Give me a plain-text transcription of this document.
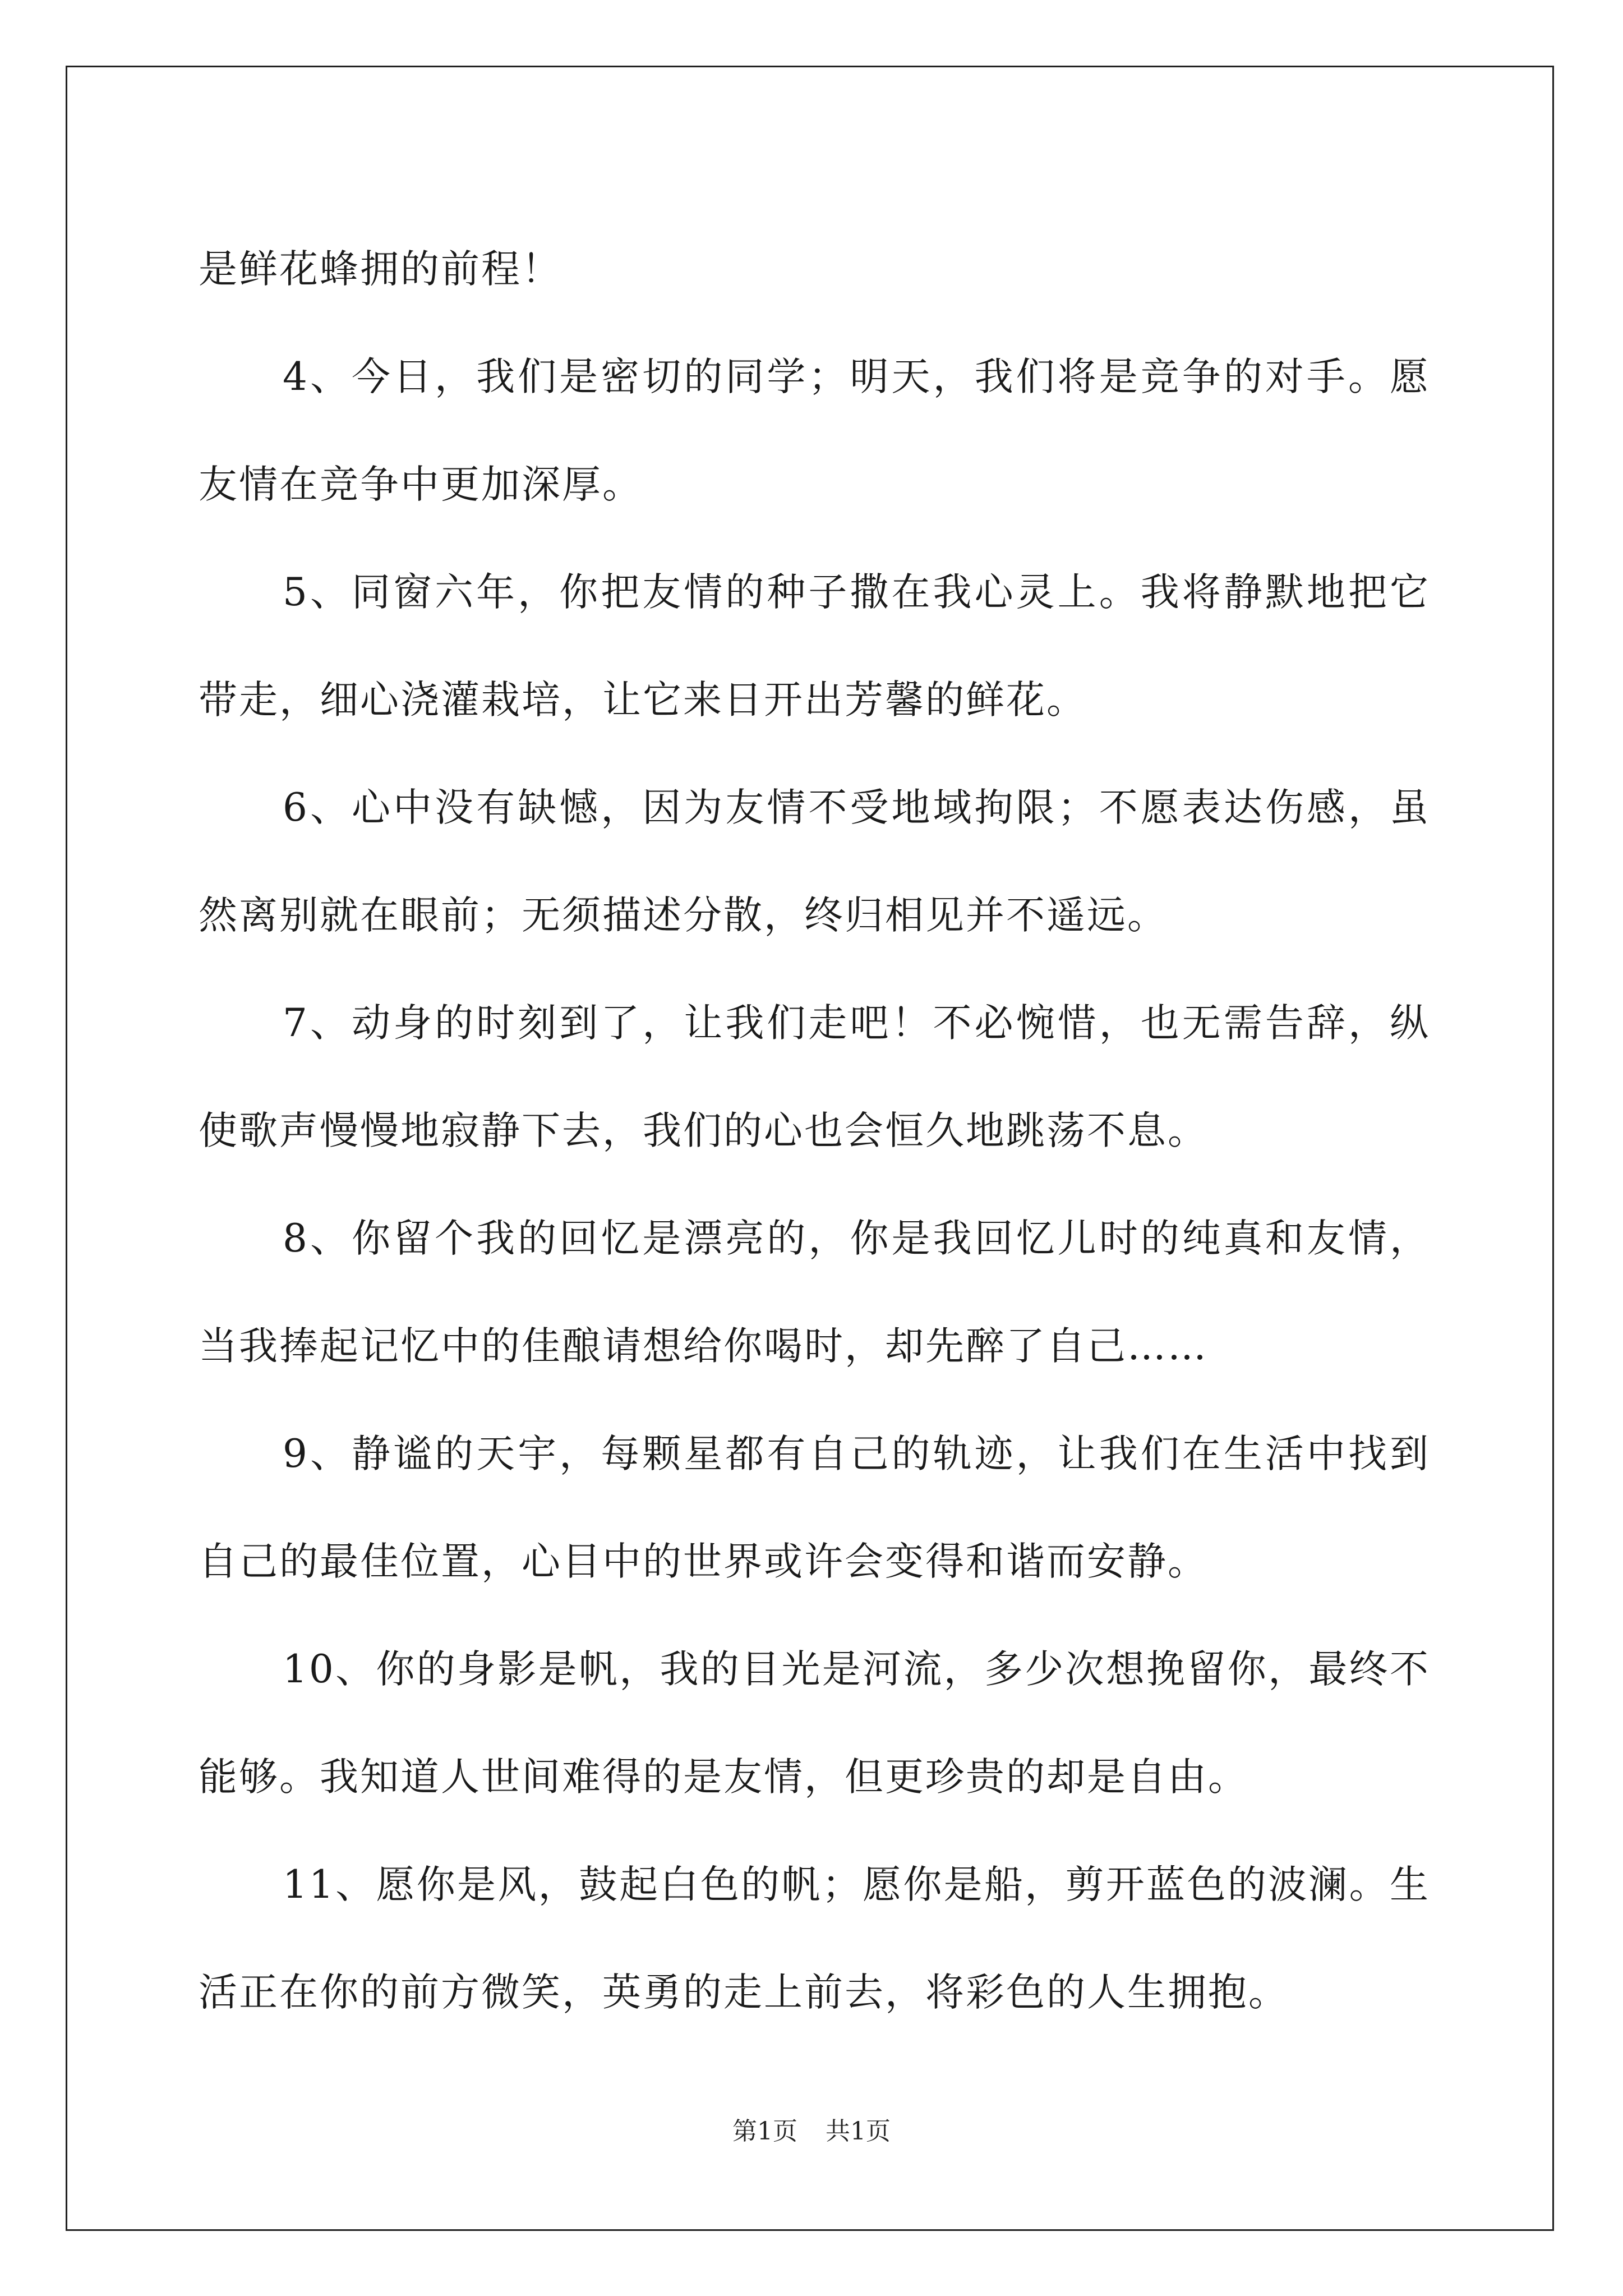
是鲜花蜂拥的前程！

4、今日，我们是密切的同学；明天，我们将是竞争的对手。愿友情在竞争中更加深厚。

5、同窗六年，你把友情的种子撒在我心灵上。我将静默地把它带走，细心浇灌栽培，让它来日开出芳馨的鲜花。

6、心中没有缺憾，因为友情不受地域拘限；不愿表达伤感，虽然离别就在眼前；无须描述分散，终归相见并不遥远。

7、动身的时刻到了，让我们走吧！不必惋惜，也无需告辞，纵使歌声慢慢地寂静下去，我们的心也会恒久地跳荡不息。

8、你留个我的回忆是漂亮的，你是我回忆儿时的纯真和友情，当我捧起记忆中的佳酿请想给你喝时，却先醉了自己……

9、静谧的天宇，每颗星都有自己的轨迹，让我们在生活中找到自己的最佳位置，心目中的世界或许会变得和谐而安静。

10、你的身影是帆，我的目光是河流，多少次想挽留你，最终不能够。我知道人世间难得的是友情，但更珍贵的却是自由。

11、愿你是风，鼓起白色的帆；愿你是船，剪开蓝色的波澜。生活正在你的前方微笑，英勇的走上前去，将彩色的人生拥抱。

第1页 共1页
